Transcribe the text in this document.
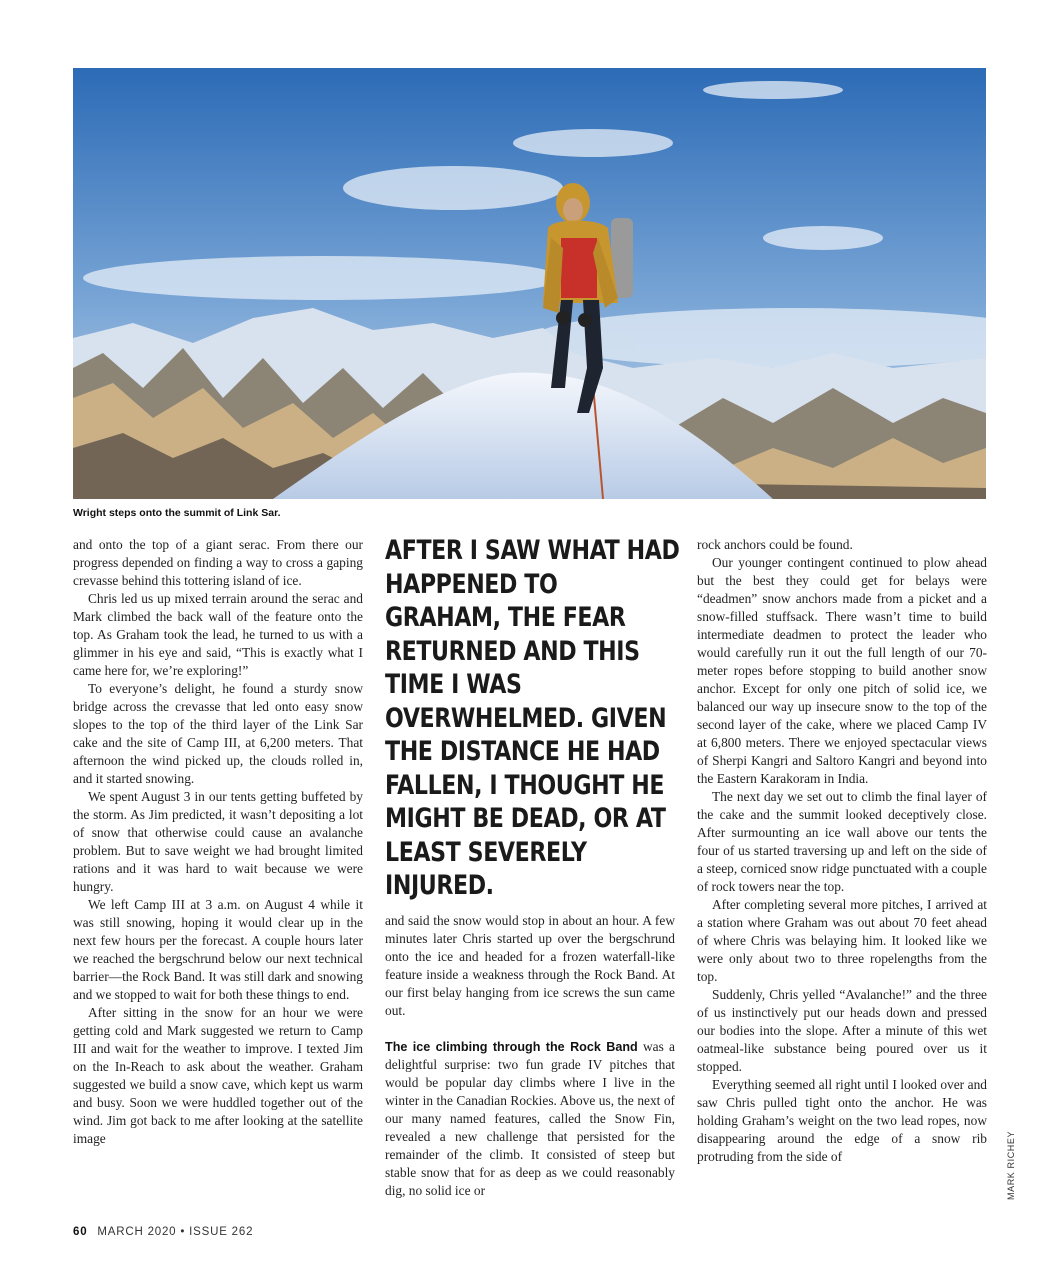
Wright steps onto the summit of Link Sar.

and onto the top of a giant serac. From there our progress depended on finding a way to cross a gaping crevasse behind this tottering island of ice.

Chris led us up mixed terrain around the serac and Mark climbed the back wall of the feature onto the top. As Graham took the lead, he turned to us with a glimmer in his eye and said, “This is exactly what I came here for, we’re exploring!”

To everyone’s delight, he found a sturdy snow bridge across the crevasse that led onto easy snow slopes to the top of the third layer of the Link Sar cake and the site of Camp III, at 6,200 meters. That afternoon the wind picked up, the clouds rolled in, and it started snowing.

We spent August 3 in our tents getting buffeted by the storm. As Jim predicted, it wasn’t depositing a lot of snow that otherwise could cause an avalanche problem. But to save weight we had brought limited rations and it was hard to wait because we were hungry.

We left Camp III at 3 a.m. on August 4 while it was still snowing, hoping it would clear up in the next few hours per the forecast. A couple hours later we reached the bergschrund below our next technical barrier—the Rock Band. It was still dark and snowing and we stopped to wait for both these things to end.

After sitting in the snow for an hour we were getting cold and Mark suggested we return to Camp III and wait for the weather to improve. I texted Jim on the In-Reach to ask about the weather. Graham suggested we build a snow cave, which kept us warm and busy. Soon we were huddled together out of the wind. Jim got back to me after looking at the satellite image

AFTER I SAW WHAT HAD HAPPENED TO GRAHAM, THE FEAR RETURNED AND THIS TIME I WAS OVERWHELMED. GIVEN THE DISTANCE HE HAD FALLEN, I THOUGHT HE MIGHT BE DEAD, OR AT LEAST SEVERELY INJURED.

and said the snow would stop in about an hour. A few minutes later Chris started up over the bergschrund onto the ice and headed for a frozen waterfall-like feature inside a weakness through the Rock Band. At our first belay hanging from ice screws the sun came out.

The ice climbing through the Rock Band was a delightful surprise: two fun grade IV pitches that would be popular day climbs where I live in the winter in the Canadian Rockies. Above us, the next of our many named features, called the Snow Fin, revealed a new challenge that persisted for the remainder of the climb. It consisted of steep but stable snow that for as deep as we could reasonably dig, no solid ice or

rock anchors could be found.

Our younger contingent continued to plow ahead but the best they could get for belays were “deadmen” snow anchors made from a picket and a snow-filled stuffsack. There wasn’t time to build intermediate deadmen to protect the leader who would carefully run it out the full length of our 70-meter ropes before stopping to build another snow anchor. Except for only one pitch of solid ice, we balanced our way up insecure snow to the top of the second layer of the cake, where we placed Camp IV at 6,800 meters. There we enjoyed spectacular views of Sherpi Kangri and Saltoro Kangri and beyond into the Eastern Karakoram in India.

The next day we set out to climb the final layer of the cake and the summit looked deceptively close. After surmounting an ice wall above our tents the four of us started traversing up and left on the side of a steep, corniced snow ridge punctuated with a couple of rock towers near the top.

After completing several more pitches, I arrived at a station where Graham was out about 70 feet ahead of where Chris was belaying him. It looked like we were only about two to three ropelengths from the top.

Suddenly, Chris yelled “Avalanche!” and the three of us instinctively put our heads down and pressed our bodies into the slope. After a minute of this wet oatmeal-like substance being poured over us it stopped.

Everything seemed all right until I looked over and saw Chris pulled tight onto the anchor. He was holding Graham’s weight on the two lead ropes, now disappearing around the edge of a snow rib protruding from the side of

60 MARCH 2020 • ISSUE 262
MARK RICHEY
